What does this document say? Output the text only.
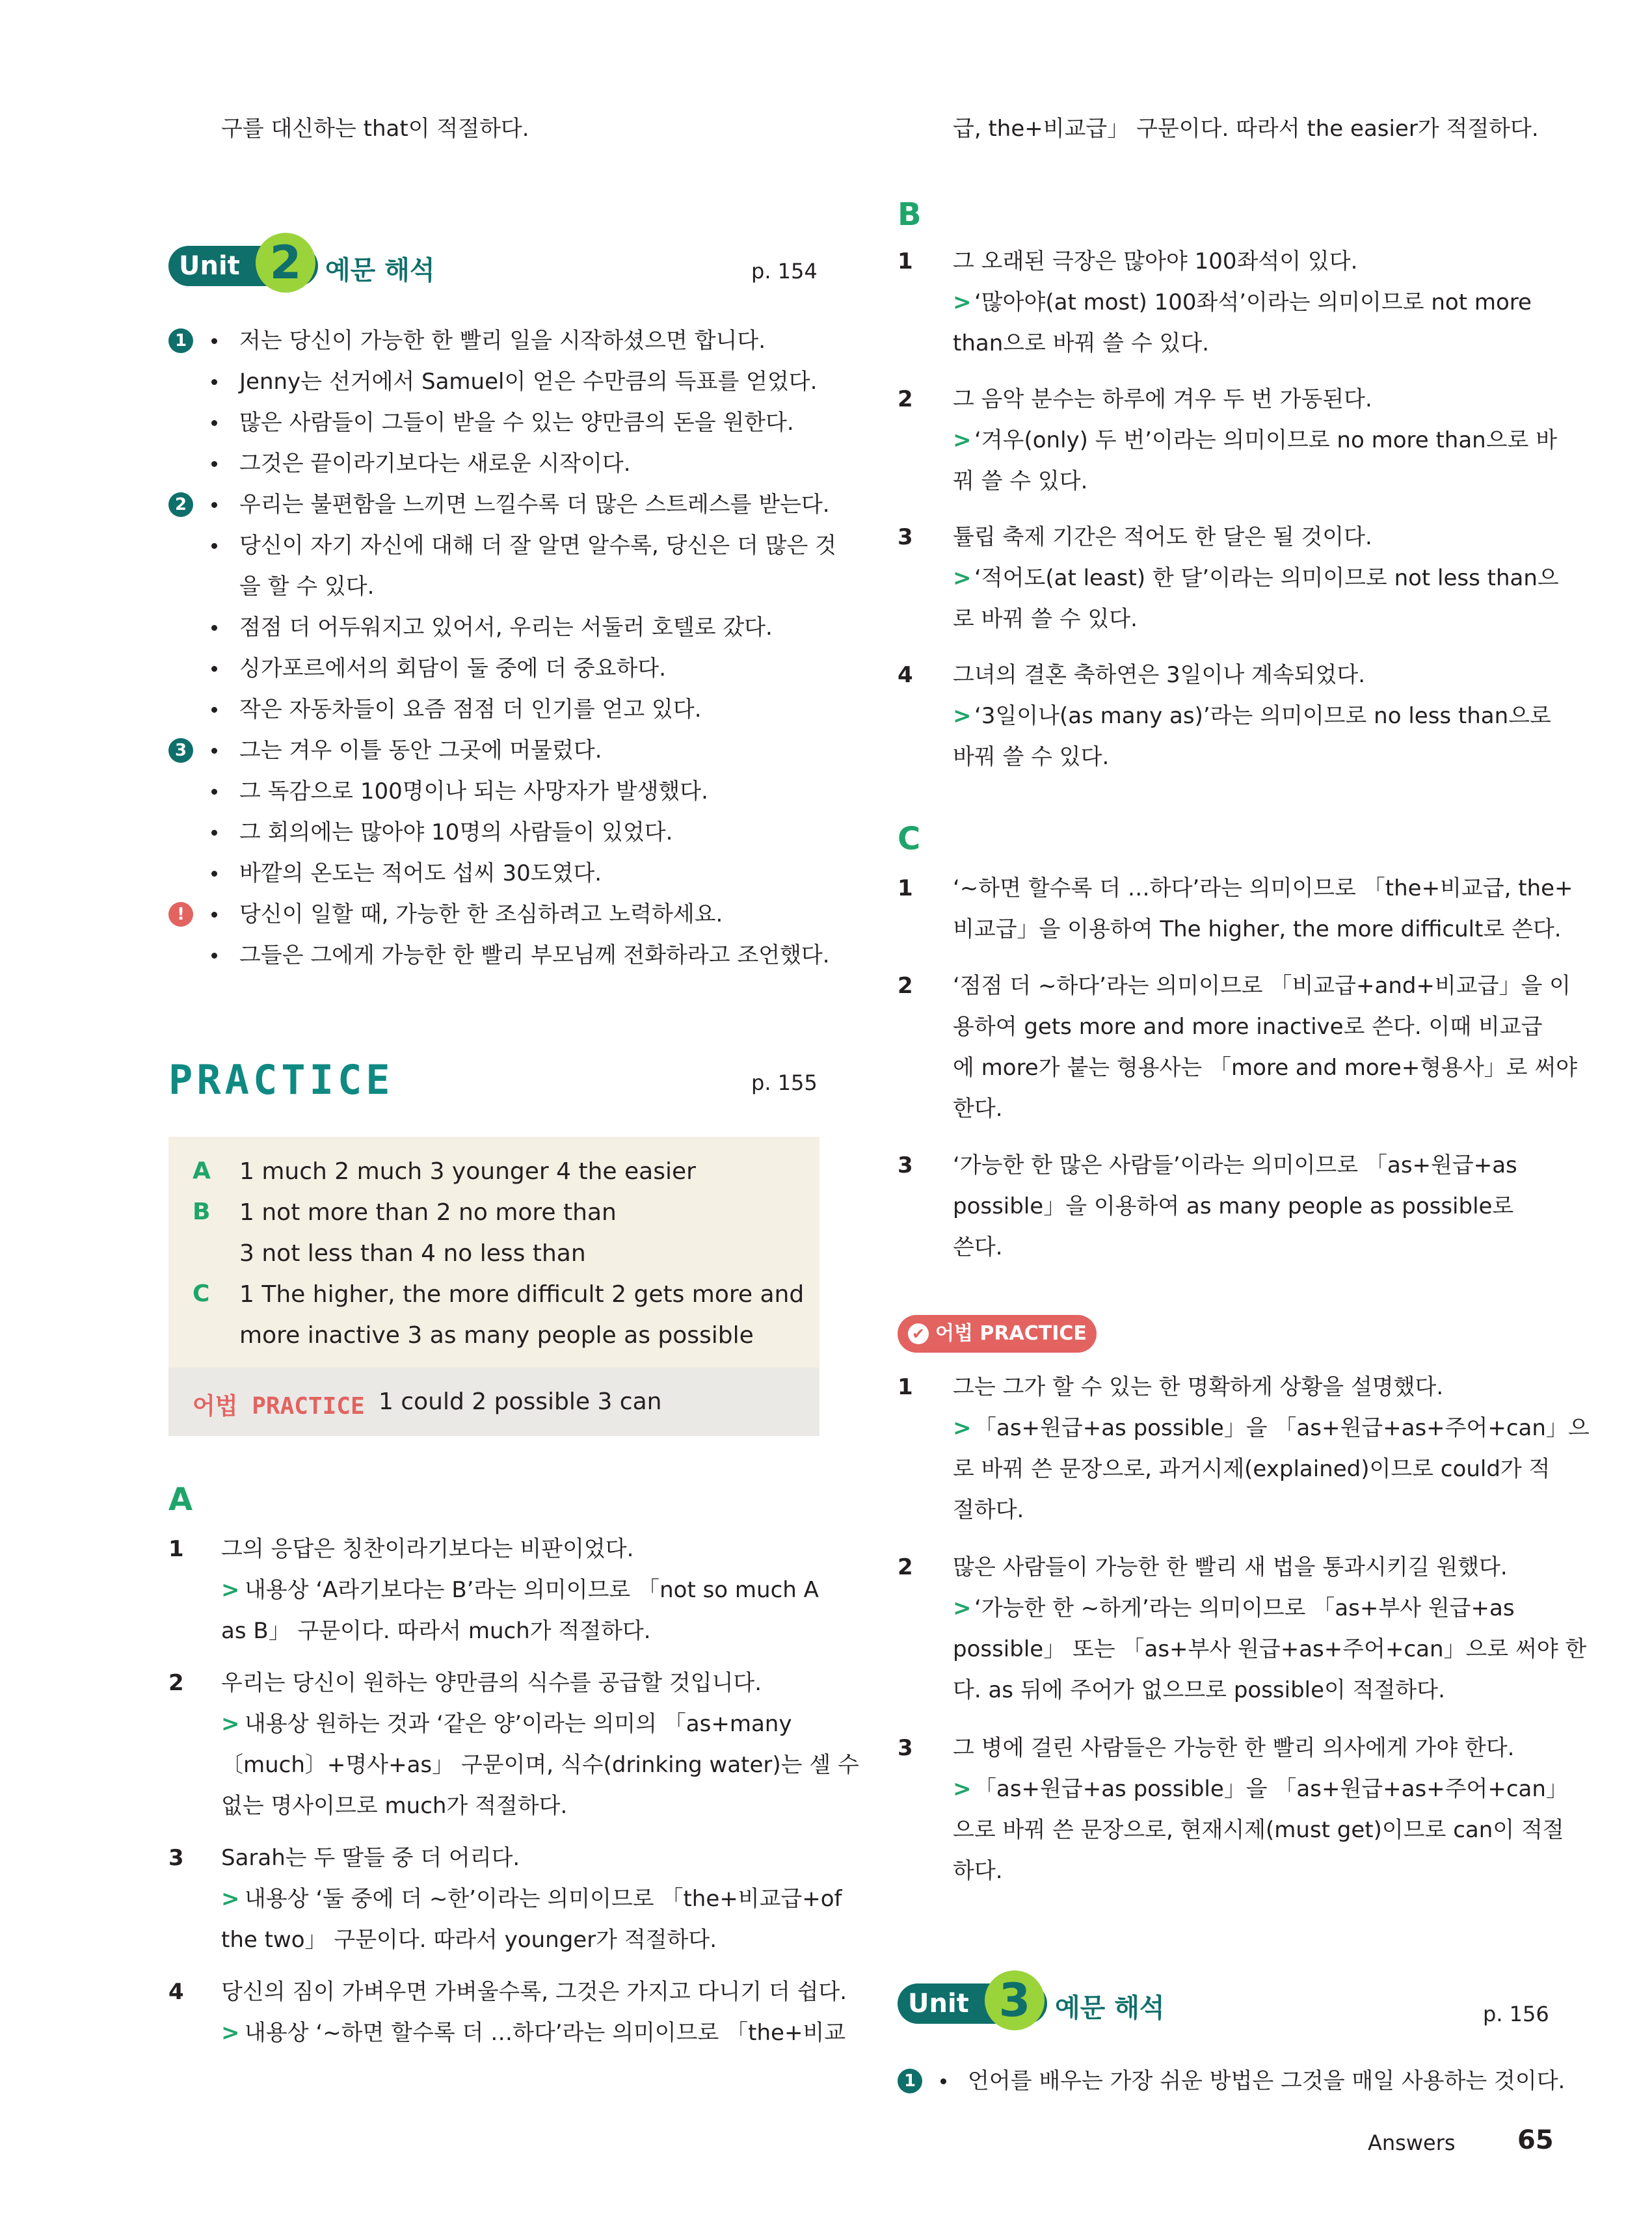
구를 대신하는 that이 적절하다.
Unit 2 예문 해석	p. 154
1 저는 당신이 가능한 한 빨리 일을 시작하셨으면 합니다.
Jenny는 선거에서 Samuel이 얻은 수만큼의 득표를 얻었다.
많은 사람들이 그들이 받을 수 있는 양만큼의 돈을 원한다.
그것은 끝이라기보다는 새로운 시작이다.
2 우리는 불편함을 느끼면 느낄수록 더 많은 스트레스를 받는다.
당신이 자기 자신에 대해 더 잘 알면 알수록, 당신은 더 많은 것
을 할 수 있다.
점점 더 어두워지고 있어서, 우리는 서둘러 호텔로 갔다.
싱가포르에서의 회담이 둘 중에 더 중요하다.
작은 자동차들이 요즘 점점 더 인기를 얻고 있다.
3 그는 겨우 이틀 동안 그곳에 머물렀다.
그 독감으로 100명이나 되는 사망자가 발생했다.
그 회의에는 많아야 10명의 사람들이 있었다.
바깥의 온도는 적어도 섭씨 30도였다.
!	당신이 일할 때, 가능한 한 조심하려고 노력하세요.
그들은 그에게 가능한 한 빨리 부모님께 전화하라고 조언했다.
PRACTICE	p. 155
A 1 much 2 much 3 younger 4 the easier
B 1 not more than 2 no more than
3 not less than 4 no less than
C 1 The higher, the more difficult 2 gets more and
more inactive 3 as many people as possible
어법 PRACTICE 1 could 2 possible 3 can
A
1 그의 응답은 칭찬이라기보다는 비판이었다.
> 내용상 ‘A라기보다는 B’라는 의미이므로 「not so much A
as B」 구문이다. 따라서 much가 적절하다.
2 우리는 당신이 원하는 양만큼의 식수를 공급할 것입니다.
> 내용상 원하는 것과 ‘같은 양’이라는 의미의 「as+many
〔much〕+명사+as」 구문이며, 식수(drinking water)는 셀 수
없는 명사이므로 much가 적절하다.
3 Sarah는 두 딸들 중 더 어리다.
> 내용상 ‘둘 중에 더 ~한’이라는 의미이므로 「the+비교급+of
the two」 구문이다. 따라서 younger가 적절하다.
4 당신의 짐이 가벼우면 가벼울수록, 그것은 가지고 다니기 더 쉽다.
> 내용상 ‘~하면 할수록 더 …하다’라는 의미이므로 「the+비교
급, the+비교급」 구문이다. 따라서 the easier가 적절하다.
B
1 그 오래된 극장은 많아야 100좌석이 있다.
> ‘많아야(at most) 100좌석’이라는 의미이므로 not more
than으로 바꿔 쓸 수 있다.
2 그 음악 분수는 하루에 겨우 두 번 가동된다.
> ‘겨우(only) 두 번’이라는 의미이므로 no more than으로 바
꿔 쓸 수 있다.
3 튤립 축제 기간은 적어도 한 달은 될 것이다.
> ‘적어도(at least) 한 달’이라는 의미이므로 not less than으
로 바꿔 쓸 수 있다.
4 그녀의 결혼 축하연은 3일이나 계속되었다.
> ‘3일이나(as many as)’라는 의미이므로 no less than으로
바꿔 쓸 수 있다.
C
1 ‘~하면 할수록 더 …하다’라는 의미이므로 「the+비교급, the+
비교급」을 이용하여 The higher, the more difficult로 쓴다.
2 ‘점점 더 ~하다’라는 의미이므로 「비교급+and+비교급」을 이
용하여 gets more and more inactive로 쓴다. 이때 비교급
에 more가 붙는 형용사는 「more and more+형용사」로 써야
한다.
3 ‘가능한 한 많은 사람들’이라는 의미이므로 「as+원급+as
possible」을 이용하여 as many people as possible로
쓴다.
✔ 어법 PRACTICE
1 그는 그가 할 수 있는 한 명확하게 상황을 설명했다.
> 「as+원급+as possible」을 「as+원급+as+주어+can」으
로 바꿔 쓴 문장으로, 과거시제(explained)이므로 could가 적
절하다.
2 많은 사람들이 가능한 한 빨리 새 법을 통과시키길 원했다.
> ‘가능한 한 ~하게’라는 의미이므로 「as+부사 원급+as
possible」 또는 「as+부사 원급+as+주어+can」으로 써야 한
다. as 뒤에 주어가 없으므로 possible이 적절하다.
3 그 병에 걸린 사람들은 가능한 한 빨리 의사에게 가야 한다.
> 「as+원급+as possible」을 「as+원급+as+주어+can」
으로 바꿔 쓴 문장으로, 현재시제(must get)이므로 can이 적절
하다.
Unit 3 예문 해석	p. 156
1 언어를 배우는 가장 쉬운 방법은 그것을 매일 사용하는 것이다.
Answers 65
